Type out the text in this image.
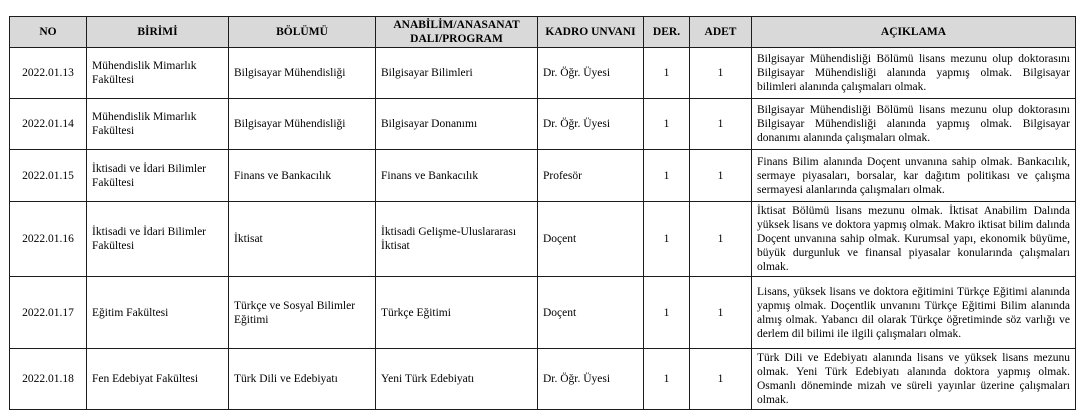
NO	BİRİMİ	BÖLÜMÜ	ANABİLİM/ANASANAT DALI/PROGRAM	KADRO UNVANI	DER.	ADET	AÇIKLAMA
2022.01.13	Mühendislik Mimarlık Fakültesi	Bilgisayar Mühendisliği	Bilgisayar Bilimleri	Dr. Öğr. Üyesi	1	1	Bilgisayar Mühendisliği Bölümü lisans mezunu olup doktorasını Bilgisayar Mühendisliği alanında yapmış olmak. Bilgisayar bilimleri alanında çalışmaları olmak.
2022.01.14	Mühendislik Mimarlık Fakültesi	Bilgisayar Mühendisliği	Bilgisayar Donanımı	Dr. Öğr. Üyesi	1	1	Bilgisayar Mühendisliği Bölümü lisans mezunu olup doktorasını Bilgisayar Mühendisliği alanında yapmış olmak. Bilgisayar donanımı alanında çalışmaları olmak.
2022.01.15	İktisadi ve İdari Bilimler Fakültesi	Finans ve Bankacılık	Finans ve Bankacılık	Profesör	1	1	Finans Bilim alanında Doçent unvanına sahip olmak. Bankacılık, sermaye piyasaları, borsalar, kar dağıtım politikası ve çalışma sermayesi alanlarında çalışmaları olmak.
2022.01.16	İktisadi ve İdari Bilimler Fakültesi	İktisat	İktisadi Gelişme-Uluslararası İktisat	Doçent	1	1	İktisat Bölümü lisans mezunu olmak. İktisat Anabilim Dalında yüksek lisans ve doktora yapmış olmak. Makro iktisat bilim dalında Doçent unvanına sahip olmak. Kurumsal yapı, ekonomik büyüme, büyük durgunluk ve finansal piyasalar konularında çalışmaları olmak.
2022.01.17	Eğitim Fakültesi	Türkçe ve Sosyal Bilimler Eğitimi	Türkçe Eğitimi	Doçent	1	1	Lisans, yüksek lisans ve doktora eğitimini Türkçe Eğitimi alanında yapmış olmak. Doçentlik unvanını Türkçe Eğitimi Bilim alanında almış olmak. Yabancı dil olarak Türkçe öğretiminde söz varlığı ve derlem dil bilimi ile ilgili çalışmaları olmak.
2022.01.18	Fen Edebiyat Fakültesi	Türk Dili ve Edebiyatı	Yeni Türk Edebiyatı	Dr. Öğr. Üyesi	1	1	Türk Dili ve Edebiyatı alanında lisans ve yüksek lisans mezunu olmak. Yeni Türk Edebiyatı alanında doktora yapmış olmak. Osmanlı döneminde mizah ve süreli yayınlar üzerine çalışmaları olmak.
